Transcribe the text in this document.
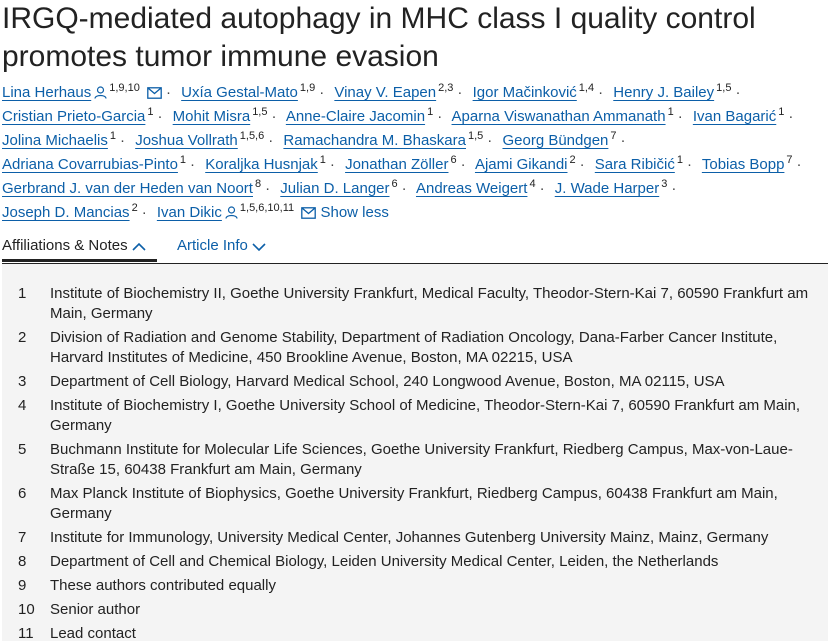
IRGQ-mediated autophagy in MHC class I quality control promotes tumor immune evasion
Lina Herhaus $^{1,9,10}$ · Uxía Gestal-Mato $^{1,9}$ · Vinay V. Eapen $^{2,3}$ · Igor Mačinković $^{1,4}$ · Henry J. Bailey $^{1,5}$ ·
Cristian Prieto-Garcia $^1$ · Mohit Misra $^{1,5}$ · Anne-Claire Jacomin $^1$ · Aparna Viswanathan Ammanath $^1$ · Ivan Bagarić $^1$ ·
Jolina Michaelis $^1$ · Joshua Vollrath $^{1,5,6}$ · Ramachandra M. Bhaskara $^{1,5}$ · Georg Bündgen $^7$ ·
Adriana Covarrubias-Pinto $^1$ · Koraljka Husnjak $^1$ · Jonathan Zöller $^6$ · Ajami Gikandi $^2$ · Sara Ribičić $^1$ · Tobias Bopp $^7$ ·
Gerbrand J. van der Heden van Noort $^8$ · Julian D. Langer $^6$ · Andreas Weigert $^4$ · J. Wade Harper $^3$ ·
Joseph D. Mancias $^2$ · Ivan Dikic $^{1,5,6,10,11}$ Show less
Affiliations & Notes	Article Info
1 Institute of Biochemistry II, Goethe University Frankfurt, Medical Faculty, Theodor-Stern-Kai 7, 60590 Frankfurt am Main, Germany
2 Division of Radiation and Genome Stability, Department of Radiation Oncology, Dana-Farber Cancer Institute, Harvard Institutes of Medicine, 450 Brookline Avenue, Boston, MA 02215, USA
3 Department of Cell Biology, Harvard Medical School, 240 Longwood Avenue, Boston, MA 02115, USA
4 Institute of Biochemistry I, Goethe University School of Medicine, Theodor-Stern-Kai 7, 60590 Frankfurt am Main, Germany
5 Buchmann Institute for Molecular Life Sciences, Goethe University Frankfurt, Riedberg Campus, Max-von-Laue-Straße 15, 60438 Frankfurt am Main, Germany
6 Max Planck Institute of Biophysics, Goethe University Frankfurt, Riedberg Campus, 60438 Frankfurt am Main, Germany
7 Institute for Immunology, University Medical Center, Johannes Gutenberg University Mainz, Mainz, Germany
8 Department of Cell and Chemical Biology, Leiden University Medical Center, Leiden, the Netherlands
9 These authors contributed equally
10 Senior author
11 Lead contact
